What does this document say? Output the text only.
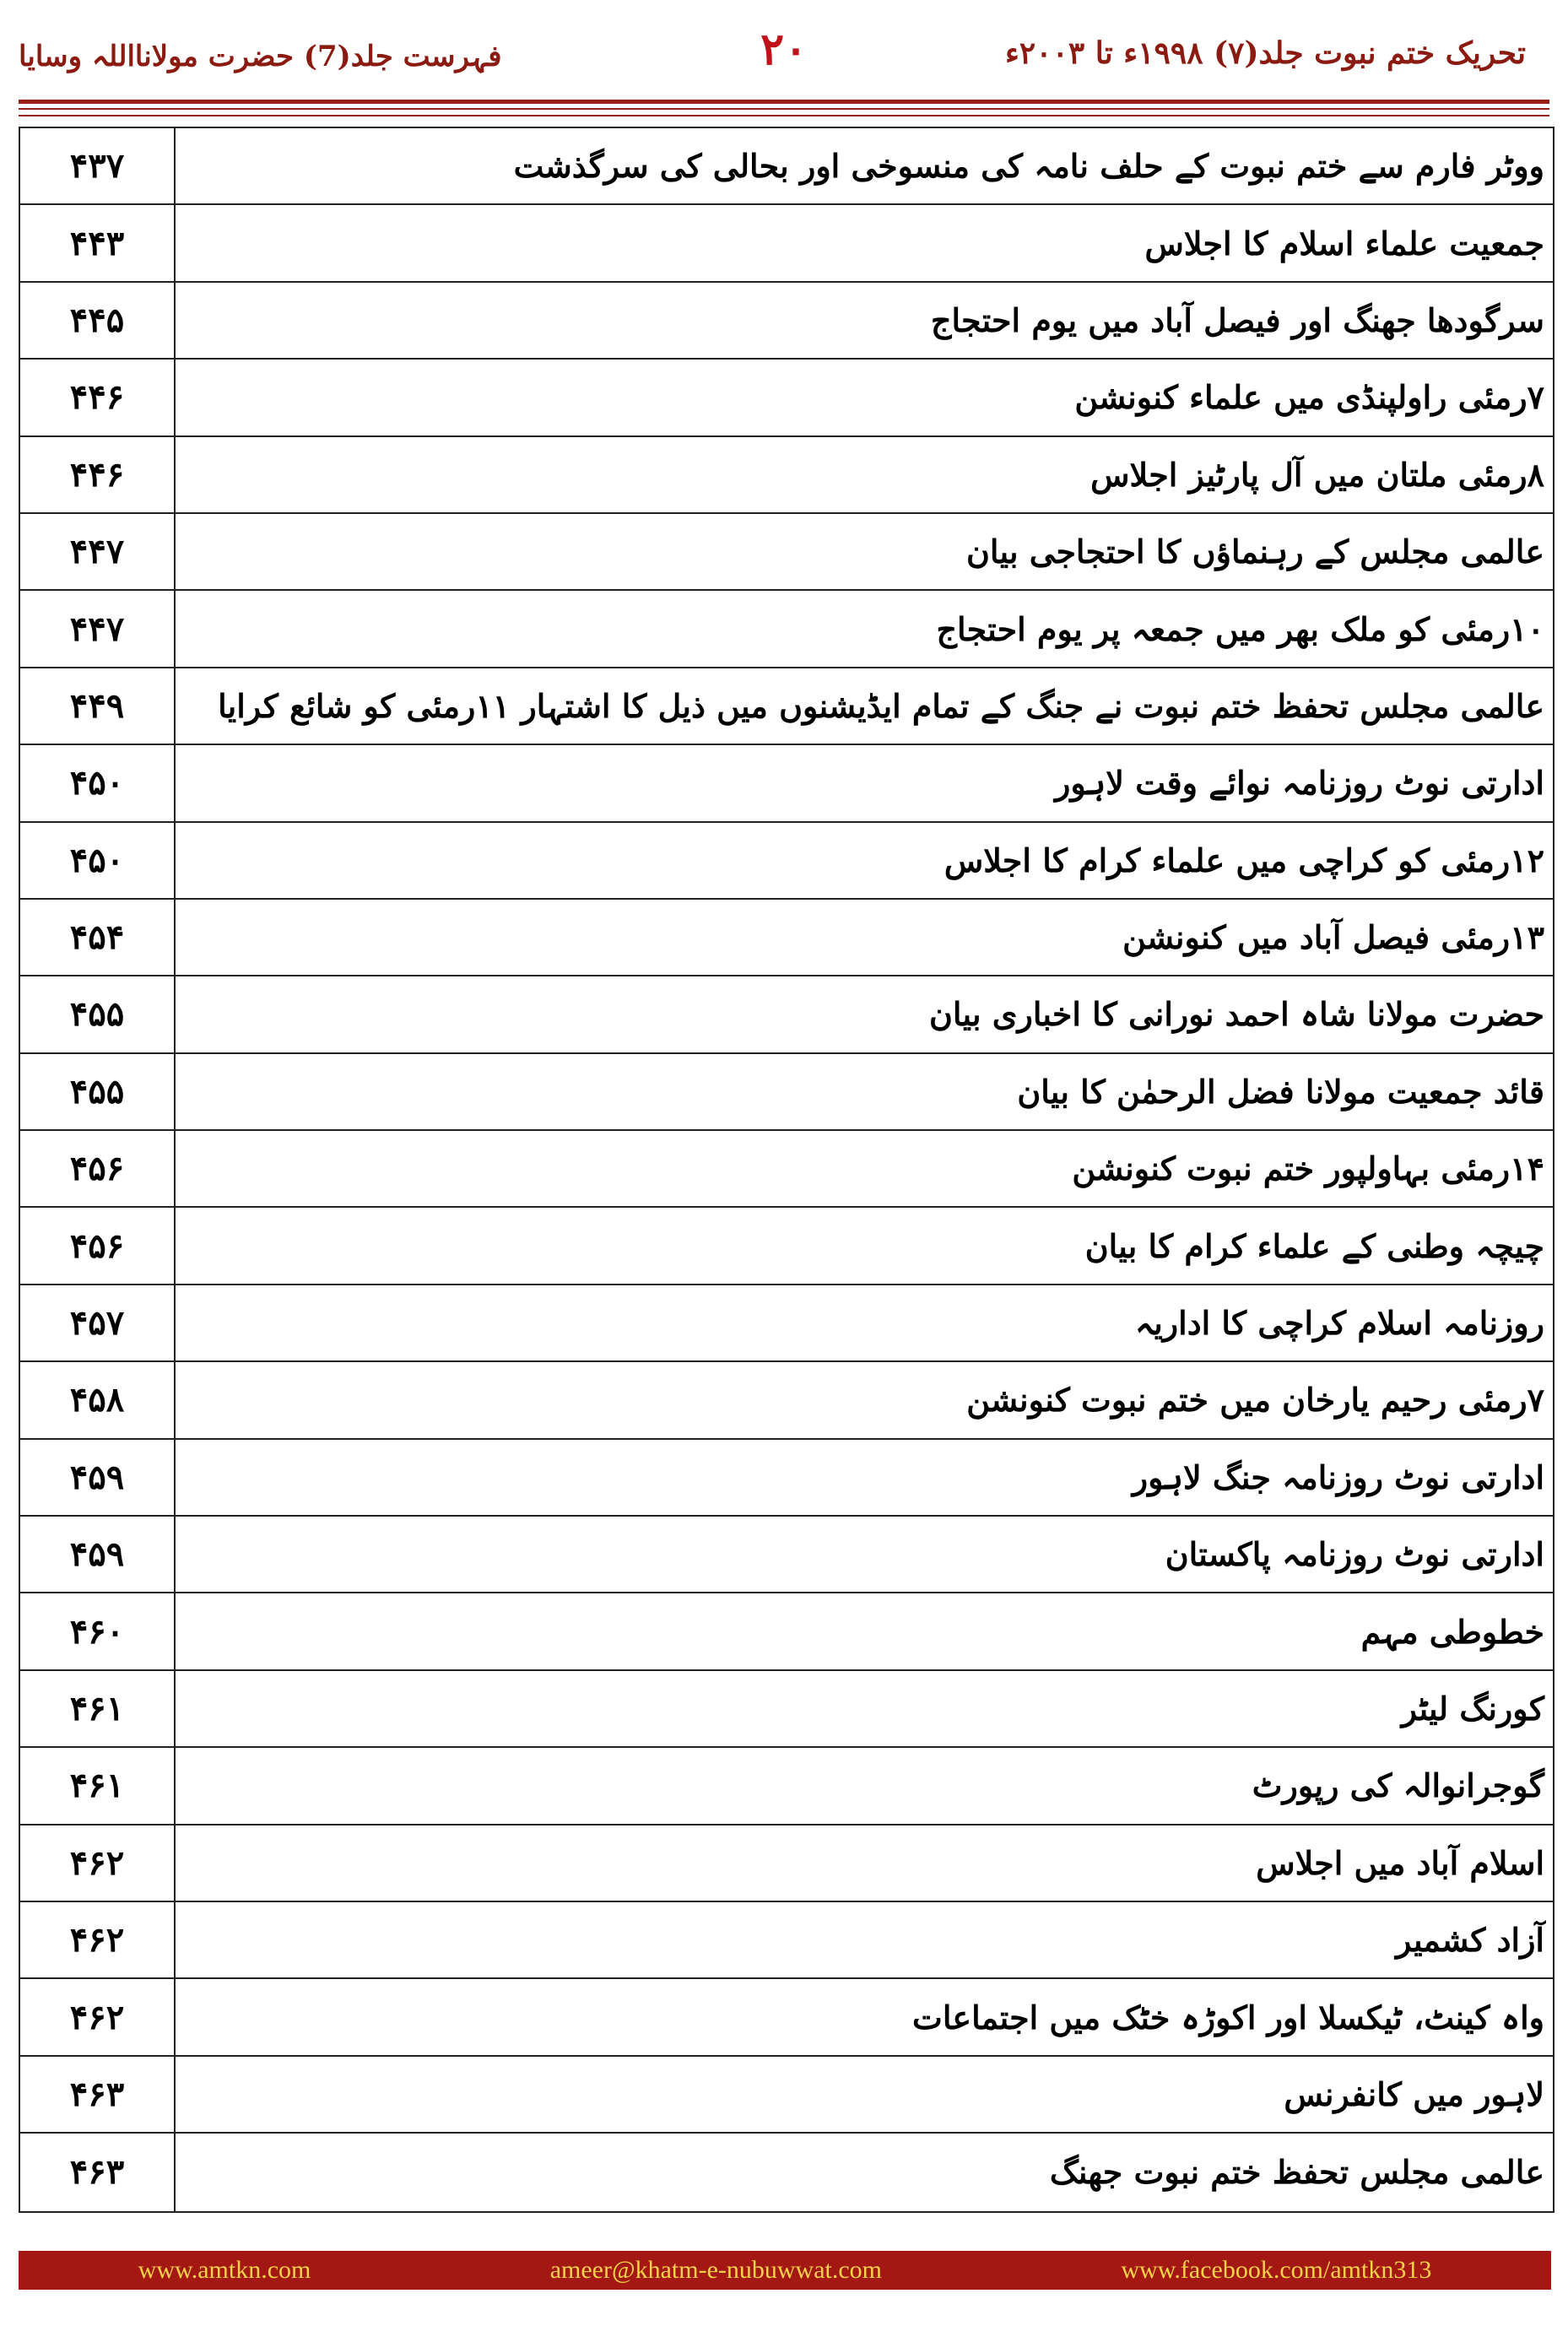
تحریک ختم نبوت جلد(۷) ۱۹۹۸ء تا ۲۰۰۳ء
۲۰
فہرست جلد(7) حضرت مولانااللہ وسایا
ووٹر فارم سے ختم نبوت کے حلف نامہ کی منسوخی اور بحالی کی سرگذشت
۴۳۷
جمعیت علماء اسلام کا اجلاس
۴۴۳
سرگودھا جھنگ اور فیصل آباد میں یوم احتجاج
۴۴۵
۷رمئی راولپنڈی میں علماء کنونشن
۴۴۶
۸رمئی ملتان میں آل پارٹیز اجلاس
۴۴۶
عالمی مجلس کے رہنماؤں کا احتجاجی بیان
۴۴۷
۱۰رمئی کو ملک بھر میں جمعہ پر یوم احتجاج
۴۴۷
عالمی مجلس تحفظ ختم نبوت نے جنگ کے تمام ایڈیشنوں میں ذیل کا اشتہار ۱۱رمئی کو شائع کرایا
۴۴۹
ادارتی نوٹ روزنامہ نوائے وقت لاہور
۴۵۰
۱۲رمئی کو کراچی میں علماء کرام کا اجلاس
۴۵۰
۱۳رمئی فیصل آباد میں کنونشن
۴۵۴
حضرت مولانا شاہ احمد نورانی کا اخباری بیان
۴۵۵
قائد جمعیت مولانا فضل الرحمٰن کا بیان
۴۵۵
۱۴رمئی بہاولپور ختم نبوت کنونشن
۴۵۶
چیچہ وطنی کے علماء کرام کا بیان
۴۵۶
روزنامہ اسلام کراچی کا اداریہ
۴۵۷
۷رمئی رحیم یارخان میں ختم نبوت کنونشن
۴۵۸
ادارتی نوٹ روزنامہ جنگ لاہور
۴۵۹
ادارتی نوٹ روزنامہ پاکستان
۴۵۹
خطوطی مہم
۴۶۰
کورنگ لیٹر
۴۶۱
گوجرانوالہ کی رپورٹ
۴۶۱
اسلام آباد میں اجلاس
۴۶۲
آزاد کشمیر
۴۶۲
واہ کینٹ، ٹیکسلا اور اکوڑہ خٹک میں اجتماعات
۴۶۲
لاہور میں کانفرنس
۴۶۳
عالمی مجلس تحفظ ختم نبوت جھنگ
۴۶۳
www.amtkn.com	ameer@khatm-e-nubuwwat.com	www.facebook.com/amtkn313
